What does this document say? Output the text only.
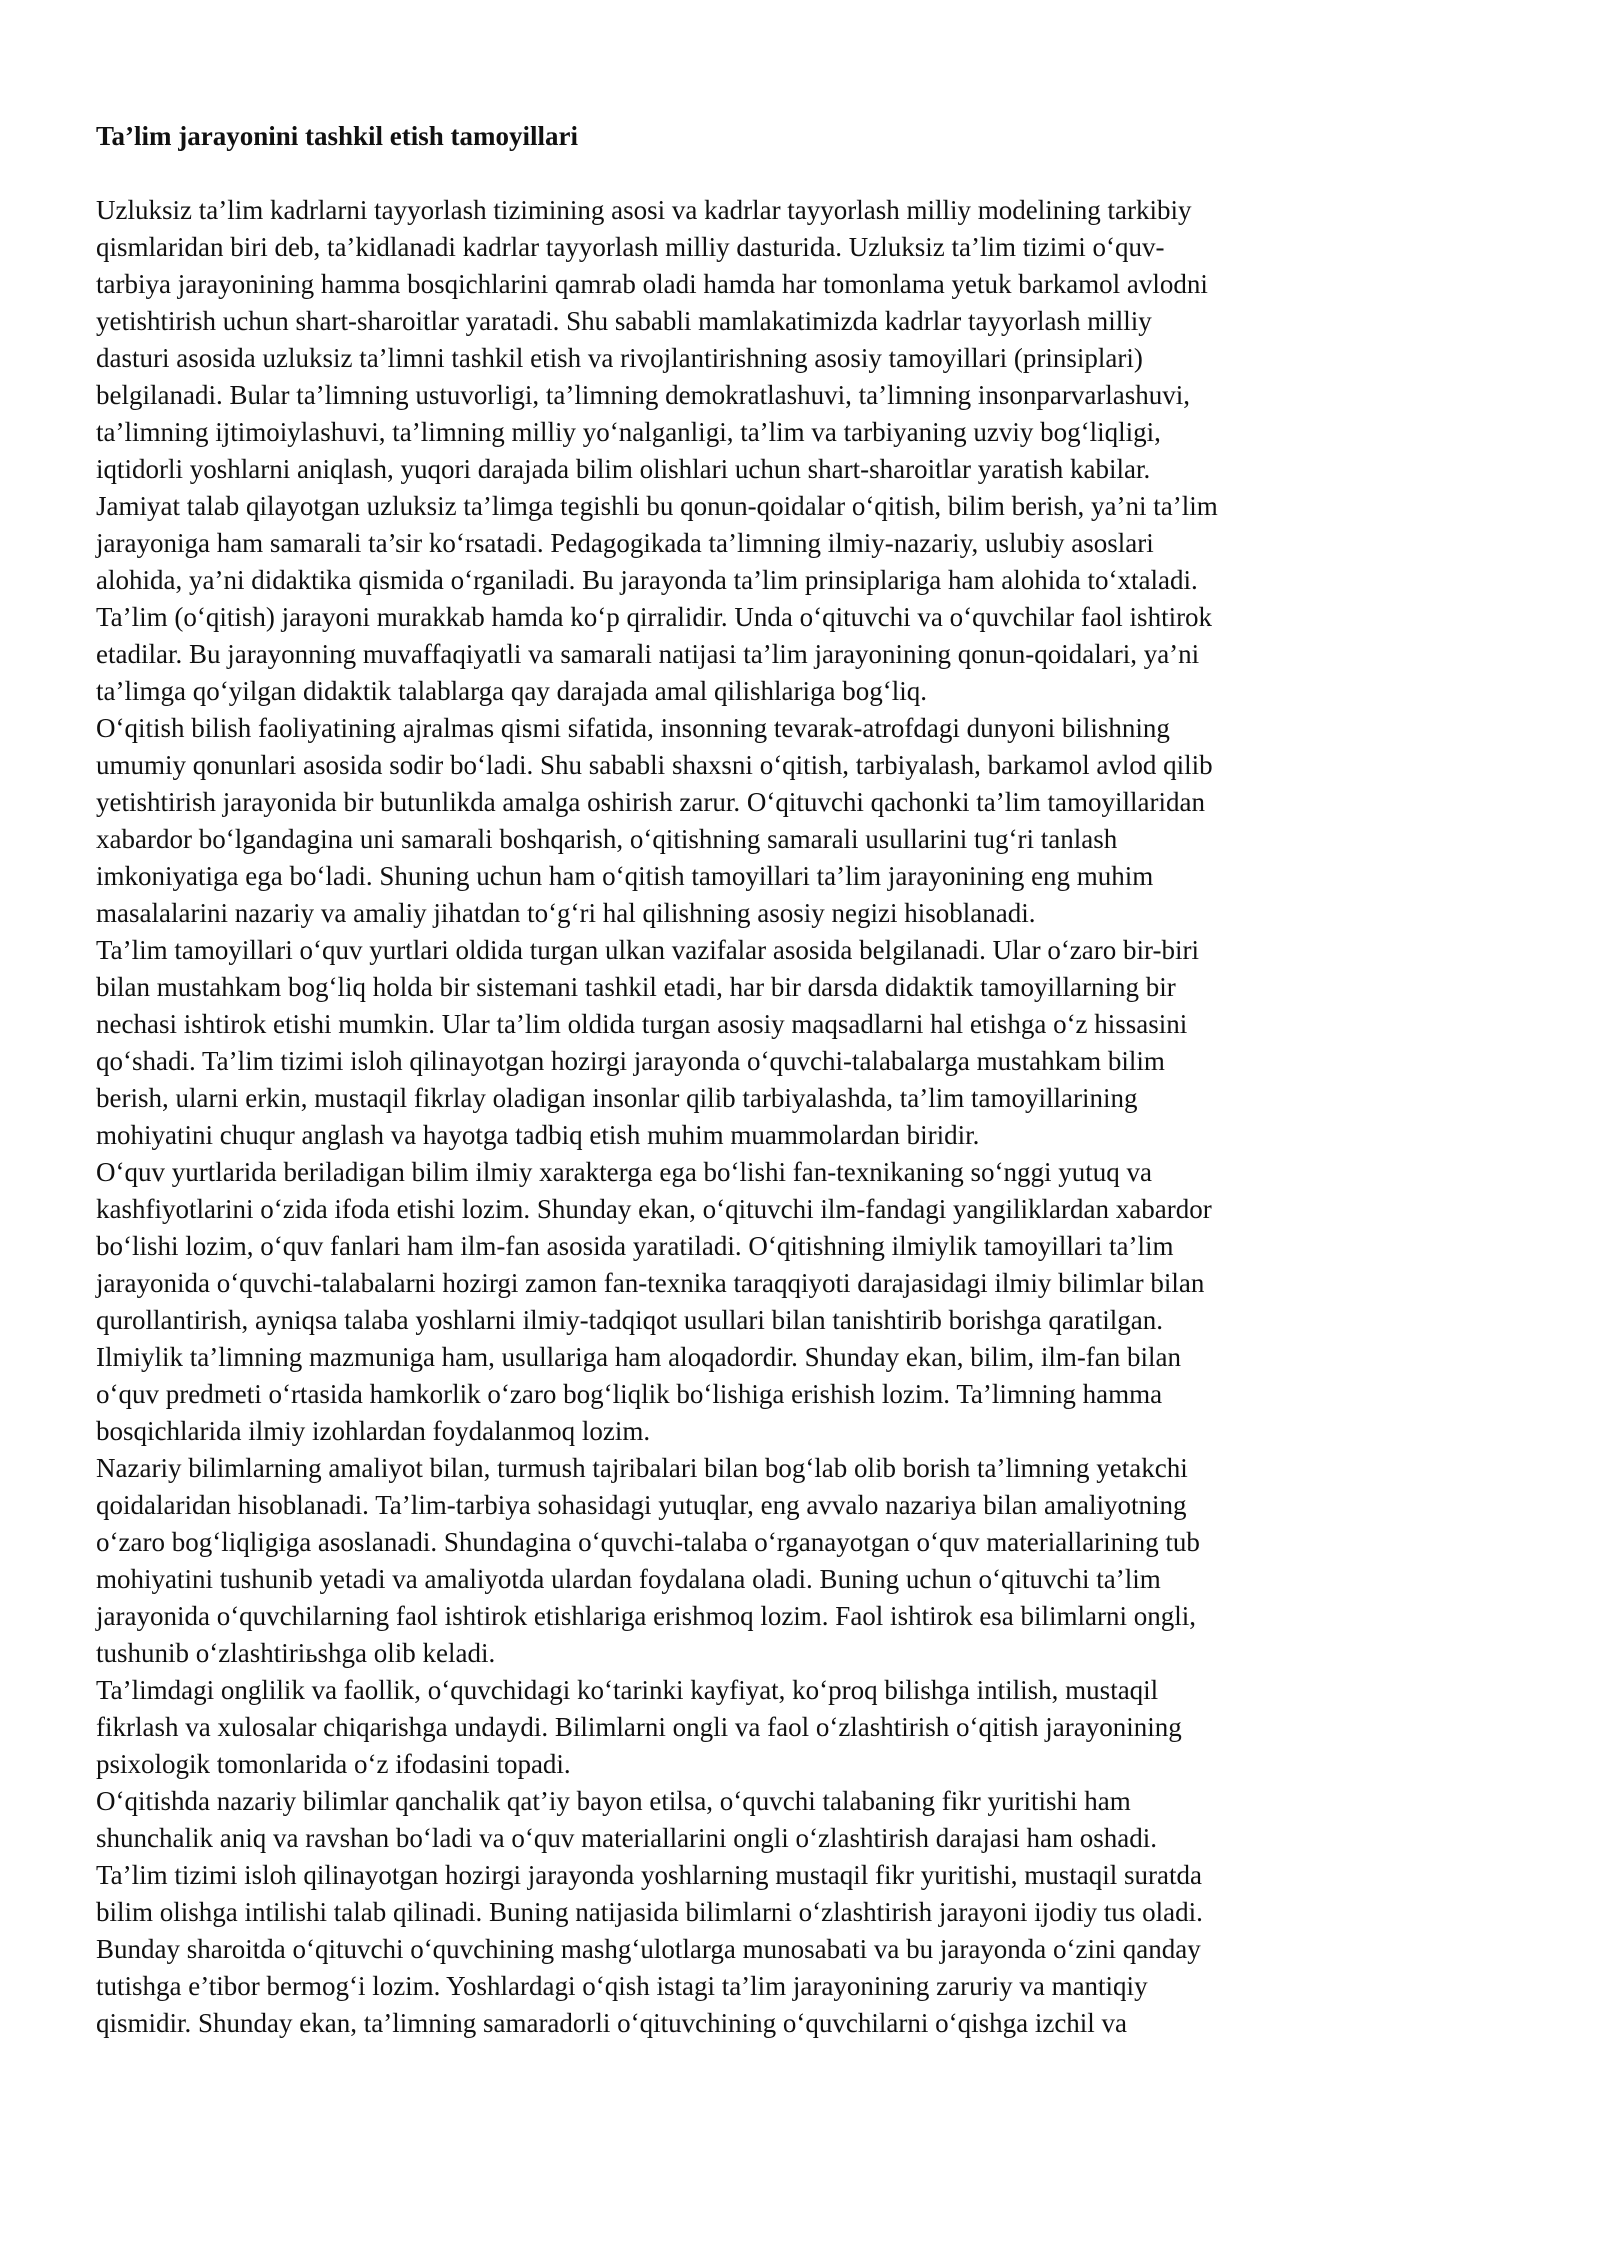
Ta’lim jarayonini tashkil etish tamoyillari

Uzluksiz ta’lim kadrlarni tayyorlash tizimining asosi va kadrlar tayyorlash milliy modelining tarkibiy
qismlaridan biri deb, ta’kidlanadi kadrlar tayyorlash milliy dasturida. Uzluksiz ta’lim tizimi o‘quv-
tarbiya jarayonining hamma bosqichlarini qamrab oladi hamda har tomonlama yetuk barkamol avlodni
yetishtirish uchun shart-sharoitlar yaratadi. Shu sababli mamlakatimizda kadrlar tayyorlash milliy
dasturi asosida uzluksiz ta’limni tashkil etish va rivojlantirishning asosiy tamoyillari (prinsiplari)
belgilanadi. Bular ta’limning ustuvorligi, ta’limning demokratlashuvi, ta’limning insonparvarlashuvi,
ta’limning ijtimoiylashuvi, ta’limning milliy yo‘nalganligi, ta’lim va tarbiyaning uzviy bog‘liqligi,
iqtidorli yoshlarni aniqlash, yuqori darajada bilim olishlari uchun shart-sharoitlar yaratish kabilar.
Jamiyat talab qilayotgan uzluksiz ta’limga tegishli bu qonun-qoidalar o‘qitish, bilim berish, ya’ni ta’lim
jarayoniga ham samarali ta’sir ko‘rsatadi. Pedagogikada ta’limning ilmiy-nazariy, uslubiy asoslari
alohida, ya’ni didaktika qismida o‘rganiladi. Bu jarayonda ta’lim prinsiplariga ham alohida to‘xtaladi.
Ta’lim (o‘qitish) jarayoni murakkab hamda ko‘p qirralidir. Unda o‘qituvchi va o‘quvchilar faol ishtirok
etadilar. Bu jarayonning muvaffaqiyatli va samarali natijasi ta’lim jarayonining qonun-qoidalari, ya’ni
ta’limga qo‘yilgan didaktik talablarga qay darajada amal qilishlariga bog‘liq.

O‘qitish bilish faoliyatining ajralmas qismi sifatida, insonning tevarak-atrofdagi dunyoni bilishning
umumiy qonunlari asosida sodir bo‘ladi. Shu sababli shaxsni o‘qitish, tarbiyalash, barkamol avlod qilib
yetishtirish jarayonida bir butunlikda amalga oshirish zarur. O‘qituvchi qachonki ta’lim tamoyillaridan
xabardor bo‘lgandagina uni samarali boshqarish, o‘qitishning samarali usullarini tug‘ri tanlash
imkoniyatiga ega bo‘ladi. Shuning uchun ham o‘qitish tamoyillari ta’lim jarayonining eng muhim
masalalarini nazariy va amaliy jihatdan to‘g‘ri hal qilishning asosiy negizi hisoblanadi.

Ta’lim tamoyillari o‘quv yurtlari oldida turgan ulkan vazifalar asosida belgilanadi. Ular o‘zaro bir-biri
bilan mustahkam bog‘liq holda bir sistemani tashkil etadi, har bir darsda didaktik tamoyillarning bir
nechasi ishtirok etishi mumkin. Ular ta’lim oldida turgan asosiy maqsadlarni hal etishga o‘z hissasini
qo‘shadi. Ta’lim tizimi isloh qilinayotgan hozirgi jarayonda o‘quvchi-talabalarga mustahkam bilim
berish, ularni erkin, mustaqil fikrlay oladigan insonlar qilib tarbiyalashda, ta’lim tamoyillarining
mohiyatini chuqur anglash va hayotga tadbiq etish muhim muammolardan biridir.

O‘quv yurtlarida beriladigan bilim ilmiy xarakterga ega bo‘lishi fan-texnikaning so‘nggi yutuq va
kashfiyotlarini o‘zida ifoda etishi lozim. Shunday ekan, o‘qituvchi ilm-fandagi yangiliklardan xabardor
bo‘lishi lozim, o‘quv fanlari ham ilm-fan asosida yaratiladi. O‘qitishning ilmiylik tamoyillari ta’lim
jarayonida o‘quvchi-talabalarni hozirgi zamon fan-texnika taraqqiyoti darajasidagi ilmiy bilimlar bilan
qurollantirish, ayniqsa talaba yoshlarni ilmiy-tadqiqot usullari bilan tanishtirib borishga qaratilgan.
Ilmiylik ta’limning mazmuniga ham, usullariga ham aloqadordir. Shunday ekan, bilim, ilm-fan bilan
o‘quv predmeti o‘rtasida hamkorlik o‘zaro bog‘liqlik bo‘lishiga erishish lozim. Ta’limning hamma
bosqichlarida ilmiy izohlardan foydalanmoq lozim.

Nazariy bilimlarning amaliyot bilan, turmush tajribalari bilan bog‘lab olib borish ta’limning yetakchi
qoidalaridan hisoblanadi. Ta’lim-tarbiya sohasidagi yutuqlar, eng avvalo nazariya bilan amaliyotning
o‘zaro bog‘liqligiga asoslanadi. Shundagina o‘quvchi-talaba o‘rganayotgan o‘quv materiallarining tub
mohiyatini tushunib yetadi va amaliyotda ulardan foydalana oladi. Buning uchun o‘qituvchi ta’lim
jarayonida o‘quvchilarning faol ishtirok etishlariga erishmoq lozim. Faol ishtirok esa bilimlarni ongli,
tushunib o‘zlashtiriьshga olib keladi.

Ta’limdagi onglilik va faollik, o‘quvchidagi ko‘tarinki kayfiyat, ko‘proq bilishga intilish, mustaqil
fikrlash va xulosalar chiqarishga undaydi. Bilimlarni ongli va faol o‘zlashtirish o‘qitish jarayonining
psixologik tomonlarida o‘z ifodasini topadi.

O‘qitishda nazariy bilimlar qanchalik qat’iy bayon etilsa, o‘quvchi talabaning fikr yuritishi ham
shunchalik aniq va ravshan bo‘ladi va o‘quv materiallarini ongli o‘zlashtirish darajasi ham oshadi.
Ta’lim tizimi isloh qilinayotgan hozirgi jarayonda yoshlarning mustaqil fikr yuritishi, mustaqil suratda
bilim olishga intilishi talab qilinadi. Buning natijasida bilimlarni o‘zlashtirish jarayoni ijodiy tus oladi.
Bunday sharoitda o‘qituvchi o‘quvchining mashg‘ulotlarga munosabati va bu jarayonda o‘zini qanday
tutishga e’tibor bermog‘i lozim. Yoshlardagi o‘qish istagi ta’lim jarayonining zaruriy va mantiqiy
qismidir. Shunday ekan, ta’limning samaradorli o‘qituvchining o‘quvchilarni o‘qishga izchil va
